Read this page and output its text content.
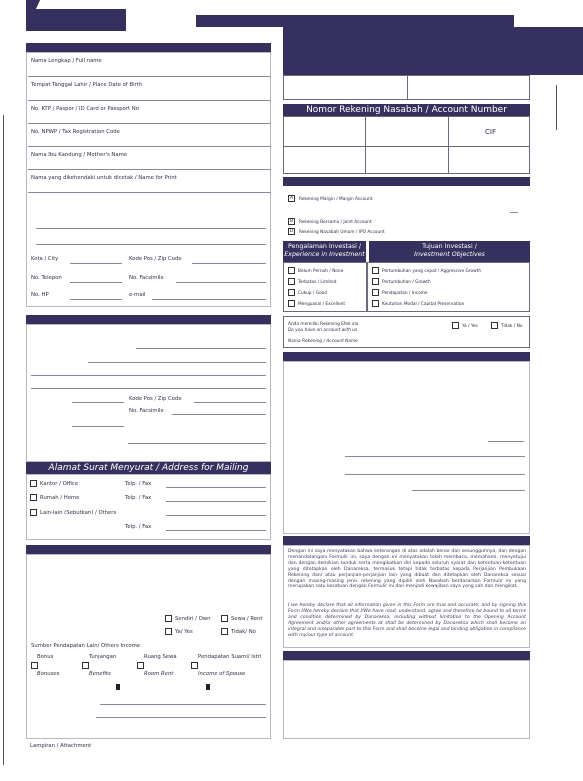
Nama Lengkap / Full name
Tempat Tanggal Lahir / Place Date of Birth
No. KTP / Paspor / ID Card or Passport No
No. NPWP / Tax Registration Code
Nama Ibu Kandung / Mother's Name
Nama yang dikehendaki untuk dicetak / Name for Print
Kota / City	Kode Pos / Zip Code
No. Telepon	No. Facsimile
No. HP	e-mail
Kode Pos / Zip Code
No. Facsimile
Alamat Surat Menyurat / Address for Mailing
Kantor / Office	Telp. / Fax
Rumah / Home	Telp. / Fax
Lain-lain (Sebutkan) / Others
Telp. / Fax
Sendiri / Own	Sewa / Rent
Ya/ Yes	Tidak/ No
Sumber Pendapatan Lain/ Others Income
Bonus	Tunjangan	Ruang Sewa	Pendapatan Suami/ Istri
Bonuses	Benefits	Room Rent	Income of Spouse
Lampiran / Attachment
Nomor Rekening Nasabah / Account Number
CIF
A	Rekening Margin / Margin Account
B	Rekening Bersama / Joint Account
D	Rekening Nasabah Umum / IPO Account
Pengalaman Investasi /
Experience in Investment
Tujuan Investasi /
Investment Objectives
Belum Pernah / None
Terbatas / Limited
Cukup / Good
Menguasai / Excellent
Pertumbuhan yang cepat / Aggressive Growth
Pertumbuhan / Growth
Pendapatan / Income
Keutuhan Modal / Capital Preservation
Anda memiliki Rekening Efek ala
Do you have an account with us
Ya / Yes	Tidak / No
Nama Rekening / Account Name
Dengan ini saya menyatakan bahwa keterangan di atas adalah benar dan sesungguhnya, dan dengan menandatangani Formulir ini, saya dengan ini menyatakan telah membaca, memahami, menyetujui dan dengan demikian tunduk serta mengikatkan diri kepada seluruh syarat dan ketentuan-ketentuan yang ditetapkan oleh Danareksa, termasuk tetapi tidak terbatas kepada Perjanjian Pembukaan Rekening dan/ atau perjanjian-perjanjian lain yang dibuat dan ditetapkan oleh Danareksa sesuai dengan masing-masing jenis rekening yang dipilih oleh Nasabah berdasarkan Formulir ini yang merupakan satu kesatuan dengan Formulir ini dan menjadi kewajiban saya yang sah dan mengikat.
I we hereby declare that all information given in this Form are true and accurate; and by signing this Form I/We hereby declare that I/We have read, understand, agree and therefore be bound to all terms and condition determined by Danareksa, including without limitation to the Opening Account Agreement and/or other agreements at shall be determined by Danareksa which shall become an integral and inseparable part to this Form and shall become legal and binding obligation in compliance with my/our type of account.
